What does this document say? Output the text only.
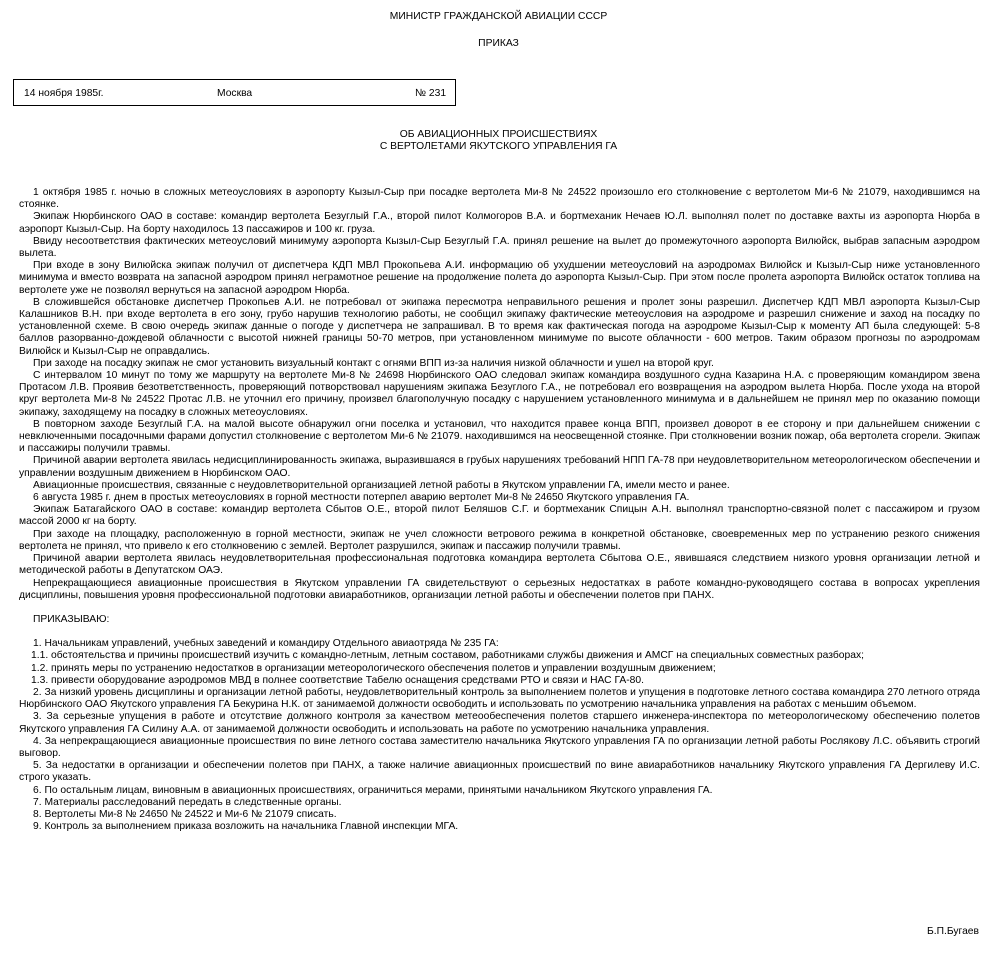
МИНИСТР ГРАЖДАНСКОЙ АВИАЦИИ СССР
ПРИКАЗ
14 ноября 1985г.	Москва	№ 231
ОБ АВИАЦИОННЫХ ПРОИСШЕСТВИЯХ
С ВЕРТОЛЕТАМИ ЯКУТСКОГО УПРАВЛЕНИЯ ГА

1 октября 1985 г. ночью в сложных метеоусловиях в аэропорту Кызыл-Сыр при посадке вертолета Ми-8 № 24522 произошло его столкновение с вертолетом Ми-6 № 21079, находившимся на стоянке.

Экипаж Нюрбинского ОАО в составе: командир вертолета Безуглый Г.А., второй пилот Колмогоров В.А. и бортмеханик Нечаев Ю.Л. выполнял полет по доставке вахты из аэропорта Нюрба в аэропорт Кызыл-Сыр. На борту находилось 13 пассажиров и 100 кг. груза.

Ввиду несоответствия фактических метеоусловий минимуму аэропорта Кызыл-Сыр Безуглый Г.А. принял решение на вылет до промежуточного аэропорта Вилюйск, выбрав запасным аэродром вылета.

При входе в зону Вилюйска экипаж получил от диспетчера КДП МВЛ Прокопьева А.И. информацию об ухудшении метеоусловий на аэродромах Вилюйск и Кызыл-Сыр ниже установленного минимума и вместо возврата на запасной аэродром принял неграмотное решение на продолжение полета до аэропорта Кызыл-Сыр. При этом после пролета аэропорта Вилюйск остаток топлива на вертолете уже не позволял вернуться на запасной аэродром Нюрба.

В сложившейся обстановке диспетчер Прокопьев А.И. не потребовал от экипажа пересмотра неправильного решения и пролет зоны разрешил. Диспетчер КДП МВЛ аэропорта Кызыл-Сыр Калашников В.Н. при входе вертолета в его зону, грубо нарушив технологию работы, не сообщил экипажу фактические метеоусловия на аэродроме и разрешил снижение и заход на посадку по установленной схеме. В свою очередь экипаж данные о погоде у диспетчера не запрашивал. В то время как фактическая погода на аэродроме Кызыл-Сыр к моменту АП была следующей: 5-8 баллов разорванно-дождевой облачности с высотой нижней границы 50-70 метров, при установленном минимуме по высоте облачности - 600 метров. Таким образом прогнозы по аэродромам Вилюйск и Кызыл-Сыр не оправдались.

При заходе на посадку экипаж не смог установить визуальный контакт с огнями ВПП из-за наличия низкой облачности и ушел на второй круг.

С интервалом 10 минут по тому же маршруту на вертолете Ми-8 № 24698 Нюрбинского ОАО следовал экипаж командира воздушного судна Казарина Н.А. с проверяющим командиром звена Протасом Л.В. Проявив безответственность, проверяющий потворствовал нарушениям экипажа Безуглого Г.А., не потребовал его возвращения на аэродром вылета Нюрба. После ухода на второй круг вертолета Ми-8 № 24522 Протас Л.В. не уточнил его причину, произвел благополучную посадку с нарушением установленного минимума и в дальнейшем не принял мер по оказанию помощи экипажу, заходящему на посадку в сложных метеоусловиях.

В повторном заходе Безуглый Г.А. на малой высоте обнаружил огни поселка и установил, что находится правее конца ВПП, произвел доворот в ее сторону и при дальнейшем снижении с невключенными посадочными фарами допустил столкновение с вертолетом Ми-6 № 21079. находившимся на неосвещенной стоянке. При столкновении возник пожар, оба вертолета сгорели. Экипаж и пассажиры получили травмы.

Причиной аварии вертолета явилась недисциплинированность экипажа, выразившаяся в грубых нарушениях требований НПП ГА-78 при неудовлетворительном метеорологическом обеспечении и управлении воздушным движением в Нюрбинском ОАО.

Авиационные происшествия, связанные с неудовлетворительной организацией летной работы в Якутском управлении ГА, имели место и ранее.

6 августа 1985 г. днем в простых метеоусловиях в горной местности потерпел аварию вертолет Ми-8 № 24650 Якутского управления ГА.

Экипаж Батагайского ОАО в составе: командир вертолета Сбытов О.Е., второй пилот Беляшов С.Г. и бортмеханик Спицын А.Н. выполнял транспортно-связной полет с пассажиром и грузом массой 2000 кг на борту.

При заходе на площадку, расположенную в горной местности, экипаж не учел сложности ветрового режима в конкретной обстановке, своевременных мер по устранению резкого снижения вертолета не принял, что привело к его столкновению с землей. Вертолет разрушился, экипаж и пассажир получили травмы.

Причиной аварии вертолета явилась неудовлетворительная профессиональная подготовка командира вертолета Сбытова О.Е., явившаяся следствием низкого уровня организации летной и методической работы в Депутатском ОАЭ.

Непрекращающиеся авиационные происшествия в Якутском управлении ГА свидетельствуют о серьезных недостатках в работе командно-руководящего состава в вопросах укрепления дисциплины, повышения уровня профессиональной подготовки авиаработников, организации летной работы и обеспечении полетов при ПАНХ.

ПРИКАЗЫВАЮ:

1. Начальникам управлений, учебных заведений и командиру Отдельного авиаотряда № 235 ГА:

1.1. обстоятельства и причины происшествий изучить с командно-летным, летным составом, работниками службы движения и АМСГ на специальных совместных разборах;

1.2. принять меры по устранению недостатков в организации метеорологического обеспечения полетов и управлении воздушным движением;

1.3. привести оборудование аэродромов МВД в полнее соответствие Табелю оснащения средствами РТО и связи и НАС ГА-80.

2. За низкий уровень дисциплины и организации летной работы, неудовлетворительный контроль за выполнением полетов и упущения в подготовке летного состава командира 270 летного отряда Нюрбинского ОАО Якутского управления ГА Бекурина Н.К. от занимаемой должности освободить и использовать по усмотрению начальника управления на работах с меньшим объемом.

3. За серьезные упущения в работе и отсутствие должного контроля за качеством метеообеспечения полетов старшего инженера-инспектора по метеорологическому обеспечению полетов Якутского управления ГА Силину А.А. от занимаемой должности освободить и использовать на работе по усмотрению начальника управления.

4. За непрекращающиеся авиационные происшествия по вине летного состава заместителю начальника Якутского управления ГА по организации летной работы Рослякову Л.С. объявить строгий выговор.

5. За недостатки в организации и обеспечении полетов при ПАНХ, а также наличие авиационных происшествий по вине авиаработников начальнику Якутского управления ГА Дергилеву И.С. строго указать.

6. По остальным лицам, виновным в авиационных происшествиях, ограничиться мерами, принятыми начальником Якутского управления ГА.

7. Материалы расследований передать в следственные органы.

8. Вертолеты Ми-8 № 24650 № 24522 и Ми-6 № 21079 списать.

9. Контроль за выполнением приказа возложить на начальника Главной инспекции МГА.

Б.П.Бугаев
